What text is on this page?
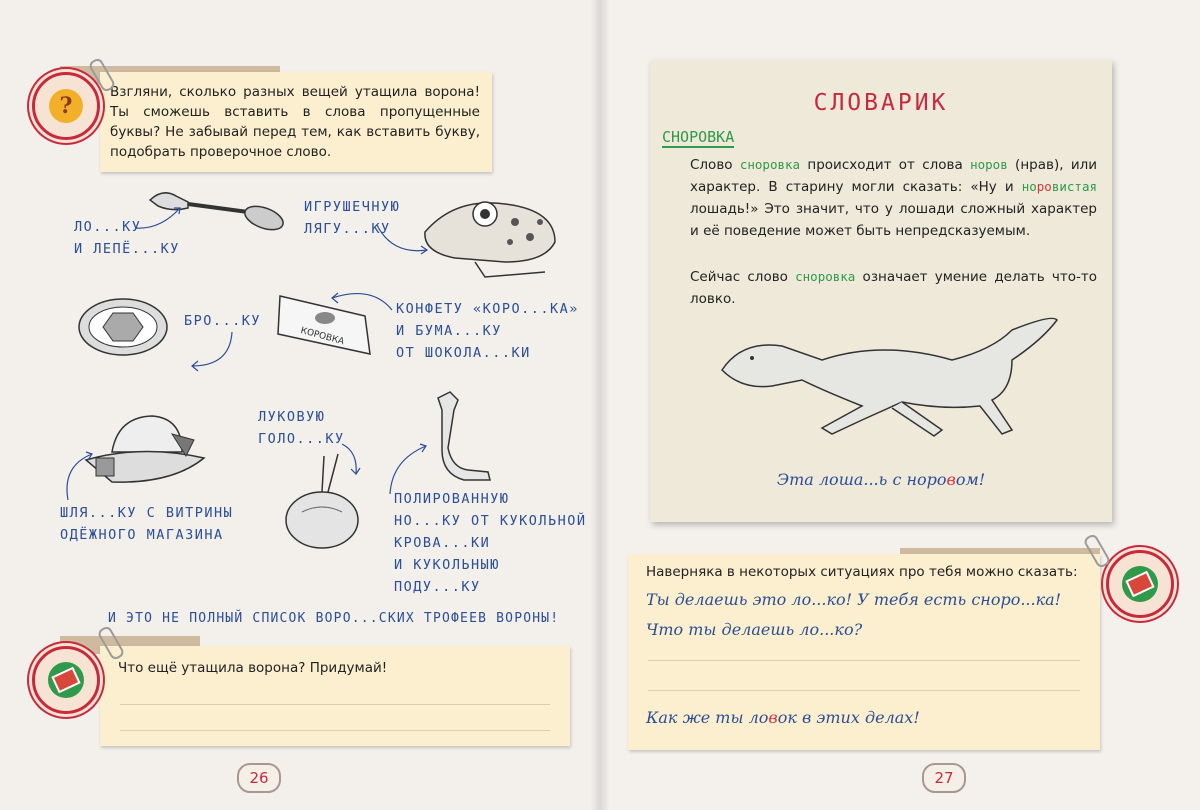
Взгляни, сколько разных вещей утащила ворона! Ты сможешь вставить в слова пропущенные буквы? Не забывай перед тем, как вставить букву, подобрать проверочное слово.
?
ЛО...КУ
И ЛЕПЁ...КУ
ИГРУШЕЧНУЮ
ЛЯГУ...КУ
БРО...КУ
КОРОВКА
КОНФЕТУ «КОРО...КА»
И БУМА...КУ
ОТ ШОКОЛА...КИ
ШЛЯ...КУ С ВИТРИНЫ
ОДЁЖНОГО МАГАЗИНА
ЛУКОВУЮ
ГОЛО...КУ
ПОЛИРОВАННУЮ
НО...КУ ОТ КУКОЛЬНОЙ
КРОВА...КИ
И КУКОЛЬНЫЮ
ПОДУ...КУ
И ЭТО НЕ ПОЛНЫЙ СПИСОК ВОРО...СКИХ ТРОФЕЕВ ВОРОНЫ!
Что ещё утащила ворона? Придумай!
26
СЛОВАРИК
СНОРОВКА
Слово сноровка происходит от слова норов (нрав), или характер. В старину могли сказать: «Ну и норовистая лошадь!» Это значит, что у лошади сложный характер и её поведение может быть непредсказуемым.
Сейчас слово сноровка означает умение делать что-то ловко.
Эта лоша...ь с норовом!
Наверняка в некоторых ситуациях про тебя можно сказать:
Ты делаешь это ло...ко! У тебя есть сноро...ка!
Что ты делаешь ло...ко?
Как же ты ловок в этих делах!
27
